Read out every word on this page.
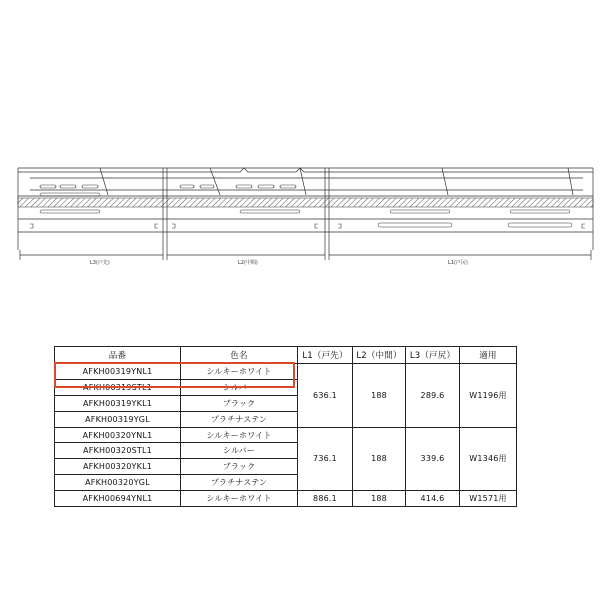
L3(戸先)	L2(中間)	L1(戸尻)
品番	色名	L1（戸先）	L2（中間）	L3（戸尻）	適用
AFKH00319YNL1	シルキーホワイト	636.1	188	289.6	W1196用
AFKH00319STL1	シルバー				
AFKH00319YKL1	ブラック				
AFKH00319YGL	プラチナステン				
AFKH00320YNL1	シルキーホワイト	736.1	188	339.6	W1346用
AFKH00320STL1	シルバー				
AFKH00320YKL1	ブラック				
AFKH00320YGL	プラチナステン				
AFKH00694YNL1	シルキーホワイト	886.1	188	414.6	W1571用
